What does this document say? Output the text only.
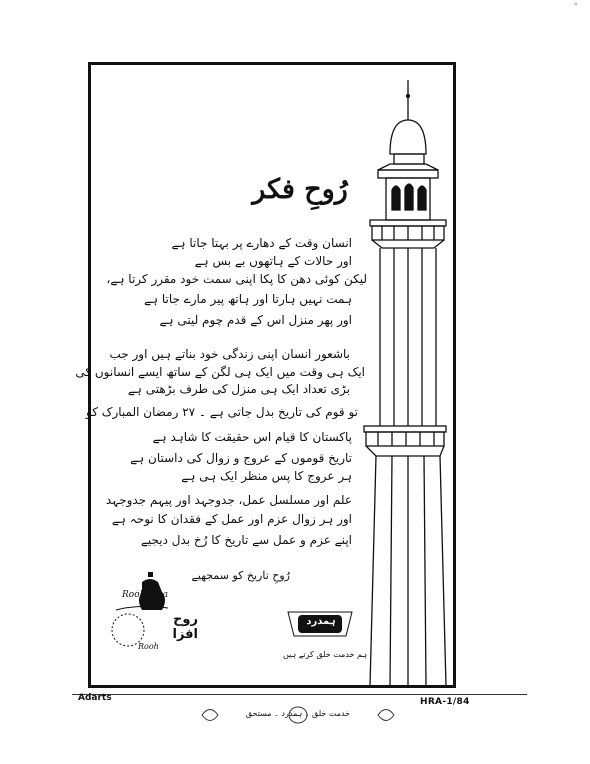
°
رُوحِ فکر
انسان وقت کے دھارے پر بہتا جاتا ہے
اور حالات کے ہاتھوں بے بس ہے
لیکن کوئی دھن کا پکا اپنی سمت خود مقرر کرتا ہے،
ہمت نہیں ہارتا اور ہاتھ پیر مارے جاتا ہے
اور پھر منزل اس کے قدم چوم لیتی ہے
باشعور انسان اپنی زندگی خود بناتے ہیں اور جب
ایک ہی وقت میں ایک ہی لگن کے ساتھ ایسے انسانوں کی
بڑی تعداد ایک ہی منزل کی طرف بڑھتی ہے
تو قوم کی تاریخ بدل جاتی ہے ۔ ۲۷ رمضان المبارک کو
پاکستان کا قیام اس حقیقت کا شاہد ہے
تاریخ قوموں کے عروج و زوال کی داستان ہے
ہر عروج کا پس منظر ایک ہی ہے
علم اور مسلسل عمل، جدوجہد اور پیہم جدوجہد
اور ہر زوال عزم اور عمل کے فقدان کا نوحہ ہے
اپنے عزم و عمل سے تاریخ کا رُخ بدل دیجیے
رُوحِ تاریخ کو سمجھیے
Rooh Afza
روح افزا
Rooh
ہمدرد
ہم خدمت خلق کرتے ہیں
Adarts	HRA-1/84
خدمت خلق ۔ ہمدرد ۔ مستحق
